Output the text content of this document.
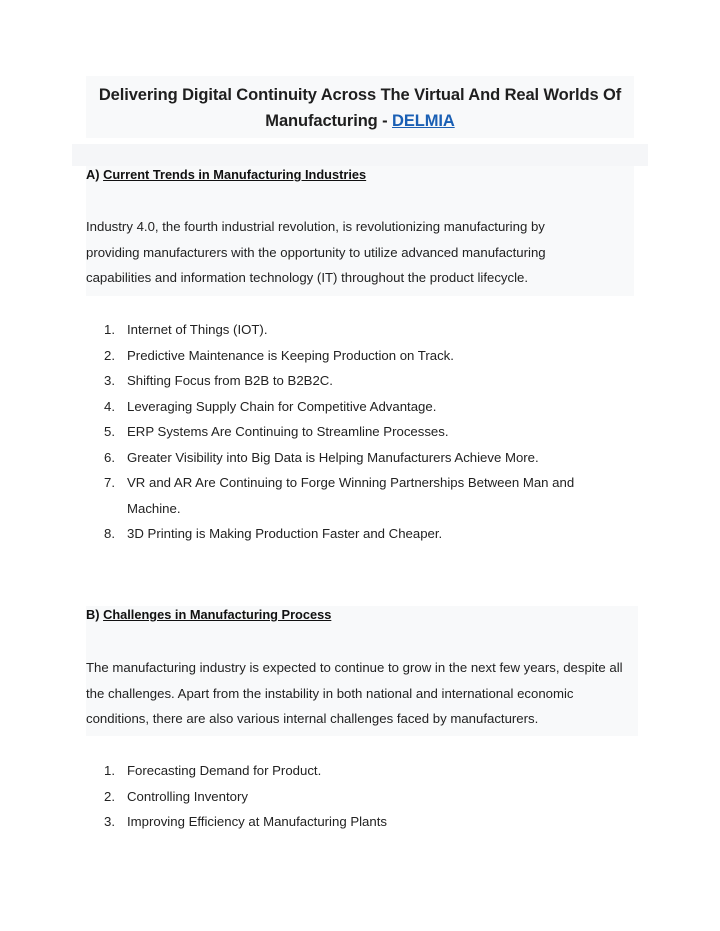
Delivering Digital Continuity Across The Virtual And Real Worlds Of Manufacturing - DELMIA
A) Current Trends in Manufacturing Industries

Industry 4.0, the fourth industrial revolution, is revolutionizing manufacturing by providing manufacturers with the opportunity to utilize advanced manufacturing capabilities and information technology (IT) throughout the product lifecycle.

1. Internet of Things (IOT).
2. Predictive Maintenance is Keeping Production on Track.
3. Shifting Focus from B2B to B2B2C.
4. Leveraging Supply Chain for Competitive Advantage.
5. ERP Systems Are Continuing to Streamline Processes.
6. Greater Visibility into Big Data is Helping Manufacturers Achieve More.
7. VR and AR Are Continuing to Forge Winning Partnerships Between Man and Machine.
8. 3D Printing is Making Production Faster and Cheaper.
B) Challenges in Manufacturing Process

The manufacturing industry is expected to continue to grow in the next few years, despite all the challenges. Apart from the instability in both national and international economic conditions, there are also various internal challenges faced by manufacturers.

1. Forecasting Demand for Product.
2. Controlling Inventory
3. Improving Efficiency at Manufacturing Plants
